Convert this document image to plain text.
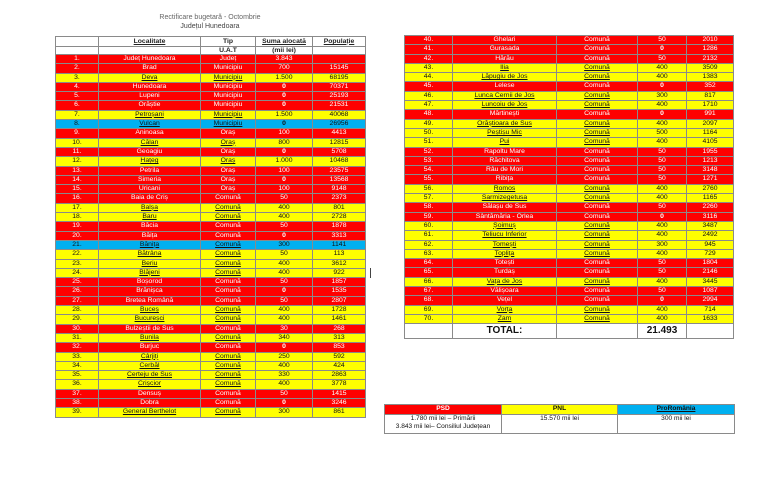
Rectificare bugetară - Octombrie
Județul Hunedoara
	Localitate	Tip	Suma alocată	Populație
		U.A.T	(mii lei)	
1.	Județ Hunedoara	Județ	3.843	
2.	Brad	Municipiu	700	15145
3.	Deva	Municipiu	1.500	68195
4.	Hunedoara	Municipiu	0	70371
5.	Lupeni	Municipiu	0	25193
6.	Orăștie	Municipiu	0	21531
7.	Petroșani	Municipiu	1.500	40068
8.	Vulcan	Municipiu	0	26956
9.	Aninoasa	Oraș	100	4413
10.	Călan	Oraș	800	12815
11.	Geoagiu	Oraș	0	5708
12.	Hațeg	Oraș	1.000	10468
13.	Petrila	Oraș	100	23575
14.	Simeria	Oraș	0	13568
15.	Uricani	Oraș	100	9148
16.	Baia de Criș	Comună	50	2373
17.	Balșa	Comună	400	801
18.	Baru	Comună	400	2728
19.	Băcia	Comună	50	1878
20.	Băița	Comună	0	3313
21.	Bănița	Comună	300	1141
22.	Bătrâna	Comună	50	113
23.	Beriu	Comună	400	3612
24.	Blăjeni	Comună	400	922
25.	Boșorod	Comună	50	1857
26.	Brănișca	Comună	0	1535
27.	Bretea Română	Comună	50	2807
28.	Buceș	Comună	400	1728
29.	Bucureșci	Comună	400	1461
30.	Bulzeștii de Sus	Comună	30	268
31.	Bunila	Comună	340	313
32.	Burjuc	Comună	0	853
33.	Cârjiți	Comună	250	592
34.	Cerbăl	Comună	400	424
35.	Certeju de Sus	Comună	330	2863
36.	Crișcior	Comună	400	3778
37.	Densuș	Comună	50	1415
38.	Dobra	Comună	0	3246
39.	General Berthelot	Comună	300	861
40.	Ghelari	Comună	50	2010
41.	Gurasada	Comună	0	1286
42.	Hărău	Comună	50	2132
43.	Ilia	Comună	400	3509
44.	Lăpugiu de Jos	Comună	400	1383
45.	Lelese	Comună	0	352
46.	Lunca Cernii de Jos	Comună	300	817
47.	Luncoiu de Jos	Comună	400	1710
48.	Mărtinești	Comună	0	991
49.	Orăștioara de Sus	Comună	400	2097
50.	Peștișu Mic	Comună	500	1164
51.	Pui	Comună	400	4105
52.	Rapoltu Mare	Comună	50	1955
53.	Răchitova	Comună	50	1213
54.	Râu de Mori	Comună	50	3148
55.	Ribița	Comună	50	1271
56.	Romos	Comună	400	2760
57.	Sarmizegetusa	Comună	400	1165
58.	Sălașu de Sus	Comună	50	2260
59.	Sântămăria - Orlea	Comună	0	3116
60.	Șoimuș	Comună	400	3487
61.	Teliucu Inferior	Comună	400	2492
62.	Tomești	Comună	300	945
63.	Toplița	Comună	400	729
64.	Totești	Comună	50	1804
65.	Turdaș	Comună	50	2146
66.	Vața de Jos	Comună	400	3445
67.	Vălișoara	Comună	50	1087
68.	Vețel	Comună	0	2994
69.	Vorța	Comună	400	714
70.	Zam	Comună	400	1633
	TOTAL:		21.493	
PSD	PNL	ProRomânia

1.780 mii lei – Primării
3.843 mii lei– Consiliul Județean	15.570 mii lei	300 mii lei
